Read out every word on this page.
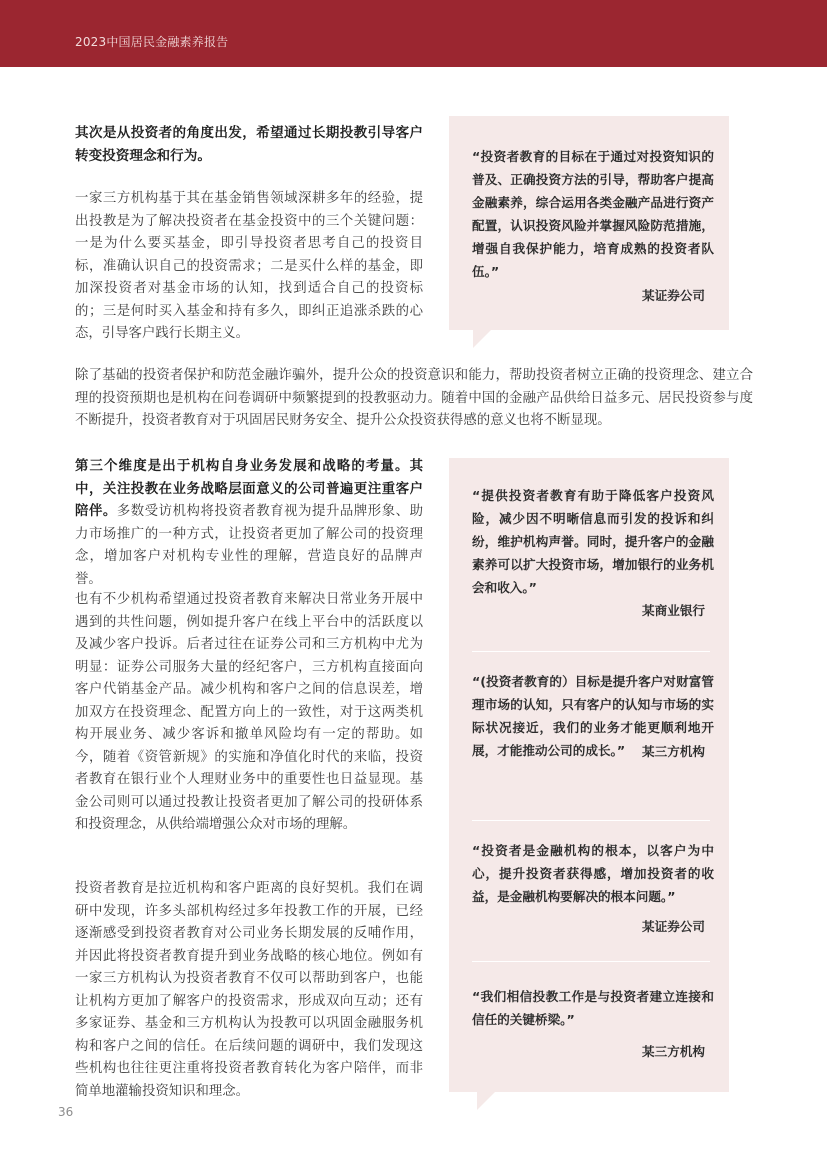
2023中国居民金融素养报告

其次是从投资者的角度出发，希望通过长期投教引导客户转变投资理念和行为。

一家三方机构基于其在基金销售领域深耕多年的经验，提出投教是为了解决投资者在基金投资中的三个关键问题：一是为什么要买基金，即引导投资者思考自己的投资目标，准确认识自己的投资需求；二是买什么样的基金，即加深投资者对基金市场的认知，找到适合自己的投资标的；三是何时买入基金和持有多久，即纠正追涨杀跌的心态，引导客户践行长期主义。

除了基础的投资者保护和防范金融诈骗外，提升公众的投资意识和能力，帮助投资者树立正确的投资理念、建立合理的投资预期也是机构在问卷调研中频繁提到的投教驱动力。随着中国的金融产品供给日益多元、居民投资参与度不断提升，投资者教育对于巩固居民财务安全、提升公众投资获得感的意义也将不断显现。

第三个维度是出于机构自身业务发展和战略的考量。其中，关注投教在业务战略层面意义的公司普遍更注重客户陪伴。多数受访机构将投资者教育视为提升品牌形象、助力市场推广的一种方式，让投资者更加了解公司的投资理念，增加客户对机构专业性的理解，营造良好的品牌声誉。

也有不少机构希望通过投资者教育来解决日常业务开展中遇到的共性问题，例如提升客户在线上平台中的活跃度以及减少客户投诉。后者过往在证券公司和三方机构中尤为明显：证券公司服务大量的经纪客户，三方机构直接面向客户代销基金产品。减少机构和客户之间的信息误差，增加双方在投资理念、配置方向上的一致性，对于这两类机构开展业务、减少客诉和撤单风险均有一定的帮助。如今，随着《资管新规》的实施和净值化时代的来临，投资者教育在银行业个人理财业务中的重要性也日益显现。基金公司则可以通过投教让投资者更加了解公司的投研体系和投资理念，从供给端增强公众对市场的理解。

投资者教育是拉近机构和客户距离的良好契机。我们在调研中发现，许多头部机构经过多年投教工作的开展，已经逐渐感受到投资者教育对公司业务长期发展的反哺作用，并因此将投资者教育提升到业务战略的核心地位。例如有一家三方机构认为投资者教育不仅可以帮助到客户，也能让机构方更加了解客户的投资需求，形成双向互动；还有多家证券、基金和三方机构认为投教可以巩固金融服务机构和客户之间的信任。在后续问题的调研中，我们发现这些机构也往往更注重将投资者教育转化为客户陪伴，而非简单地灌输投资知识和理念。

“投资者教育的目标在于通过对投资知识的普及、正确投资方法的引导，帮助客户提高金融素养，综合运用各类金融产品进行资产配置，认识投资风险并掌握风险防范措施，增强自我保护能力，培育成熟的投资者队伍。”

某证券公司

“提供投资者教育有助于降低客户投资风险，减少因不明晰信息而引发的投诉和纠纷，维护机构声誉。同时，提升客户的金融素养可以扩大投资市场，增加银行的业务机会和收入。”

某商业银行

“(投资者教育的）目标是提升客户对财富管理市场的认知，只有客户的认知与市场的实际状况接近，我们的业务才能更顺利地开展，才能推动公司的成长。”	某三方机构

“投资者是金融机构的根本，以客户为中心，提升投资者获得感，增加投资者的收益，是金融机构要解决的根本问题。”

某证券公司

“我们相信投教工作是与投资者建立连接和信任的关键桥梁。”

某三方机构

36
